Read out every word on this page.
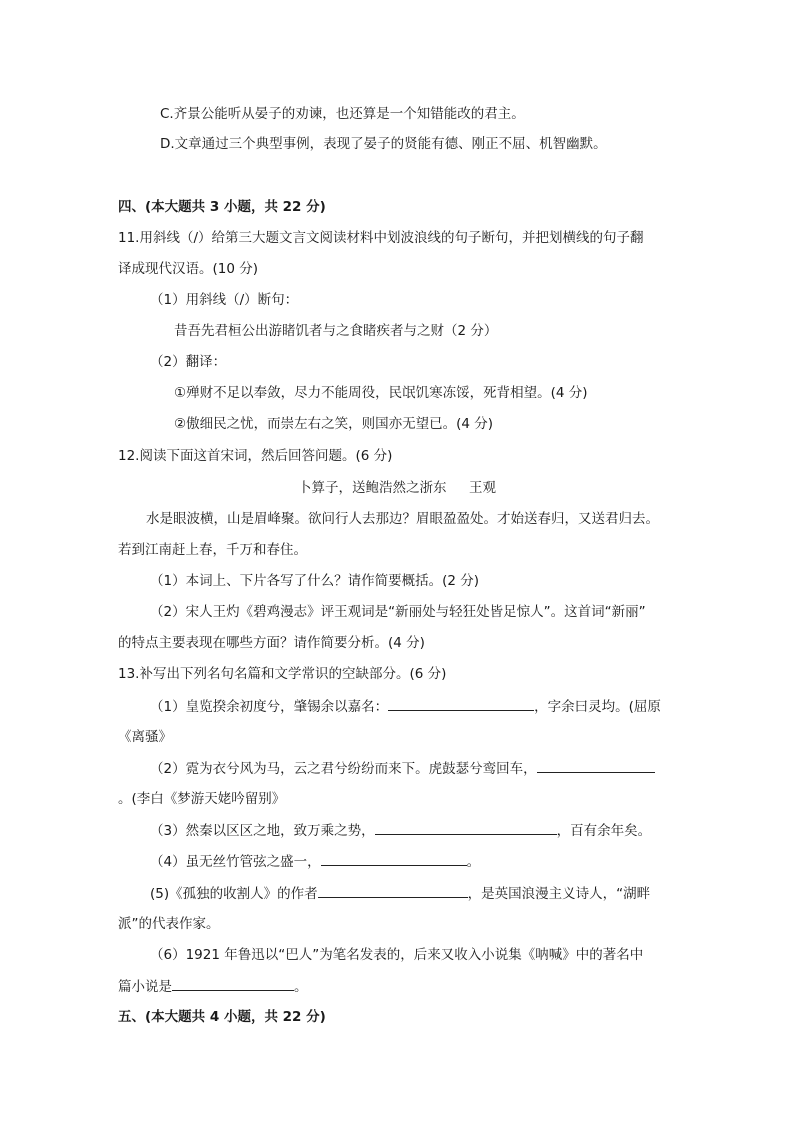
C.齐景公能听从晏子的劝谏，也还算是一个知错能改的君主。
D.文章通过三个典型事例，表现了晏子的贤能有德、刚正不屈、机智幽默。
四、(本大题共 3 小题，共 22 分)
11.用斜线（/）给第三大题文言文阅读材料中划波浪线的句子断句，并把划横线的句子翻
译成现代汉语。(10 分)
（1）用斜线（/）断句：
昔吾先君桓公出游睹饥者与之食睹疾者与之财（2 分）
（2）翻译：
①殚财不足以奉敛，尽力不能周役，民氓饥寒冻馁，死背相望。(4 分)
②傲细民之忧，而崇左右之笑，则国亦无望已。(4 分)
12.阅读下面这首宋词，然后回答问题。(6 分)
卜算子，送鲍浩然之浙东 王观
水是眼波横，山是眉峰聚。欲问行人去那边？眉眼盈盈处。才始送春归，又送君归去。
若到江南赶上春，千万和春住。
（1）本词上、下片各写了什么？请作简要概括。(2 分)
（2）宋人王灼《碧鸡漫志》评王观词是“新丽处与轻狂处皆足惊人”。这首词“新丽”
的特点主要表现在哪些方面？请作简要分析。(4 分)
13.补写出下列名句名篇和文学常识的空缺部分。(6 分)
（1）皇览揆余初度兮，肇锡余以嘉名：	，字余曰灵均。(屈原
《离骚》
（2）霓为衣兮风为马，云之君兮纷纷而来下。虎鼓瑟兮鸾回车，
。(李白《梦游天姥吟留别》
（3）然秦以区区之地，致万乘之势，	，百有余年矣。
（4）虽无丝竹管弦之盛一，	。
(5)《孤独的收割人》的作者	，是英国浪漫主义诗人，“湖畔
派”的代表作家。
（6）1921 年鲁迅以“巴人”为笔名发表的，后来又收入小说集《呐喊》中的著名中
篇小说是	。
五、(本大题共 4 小题，共 22 分)
